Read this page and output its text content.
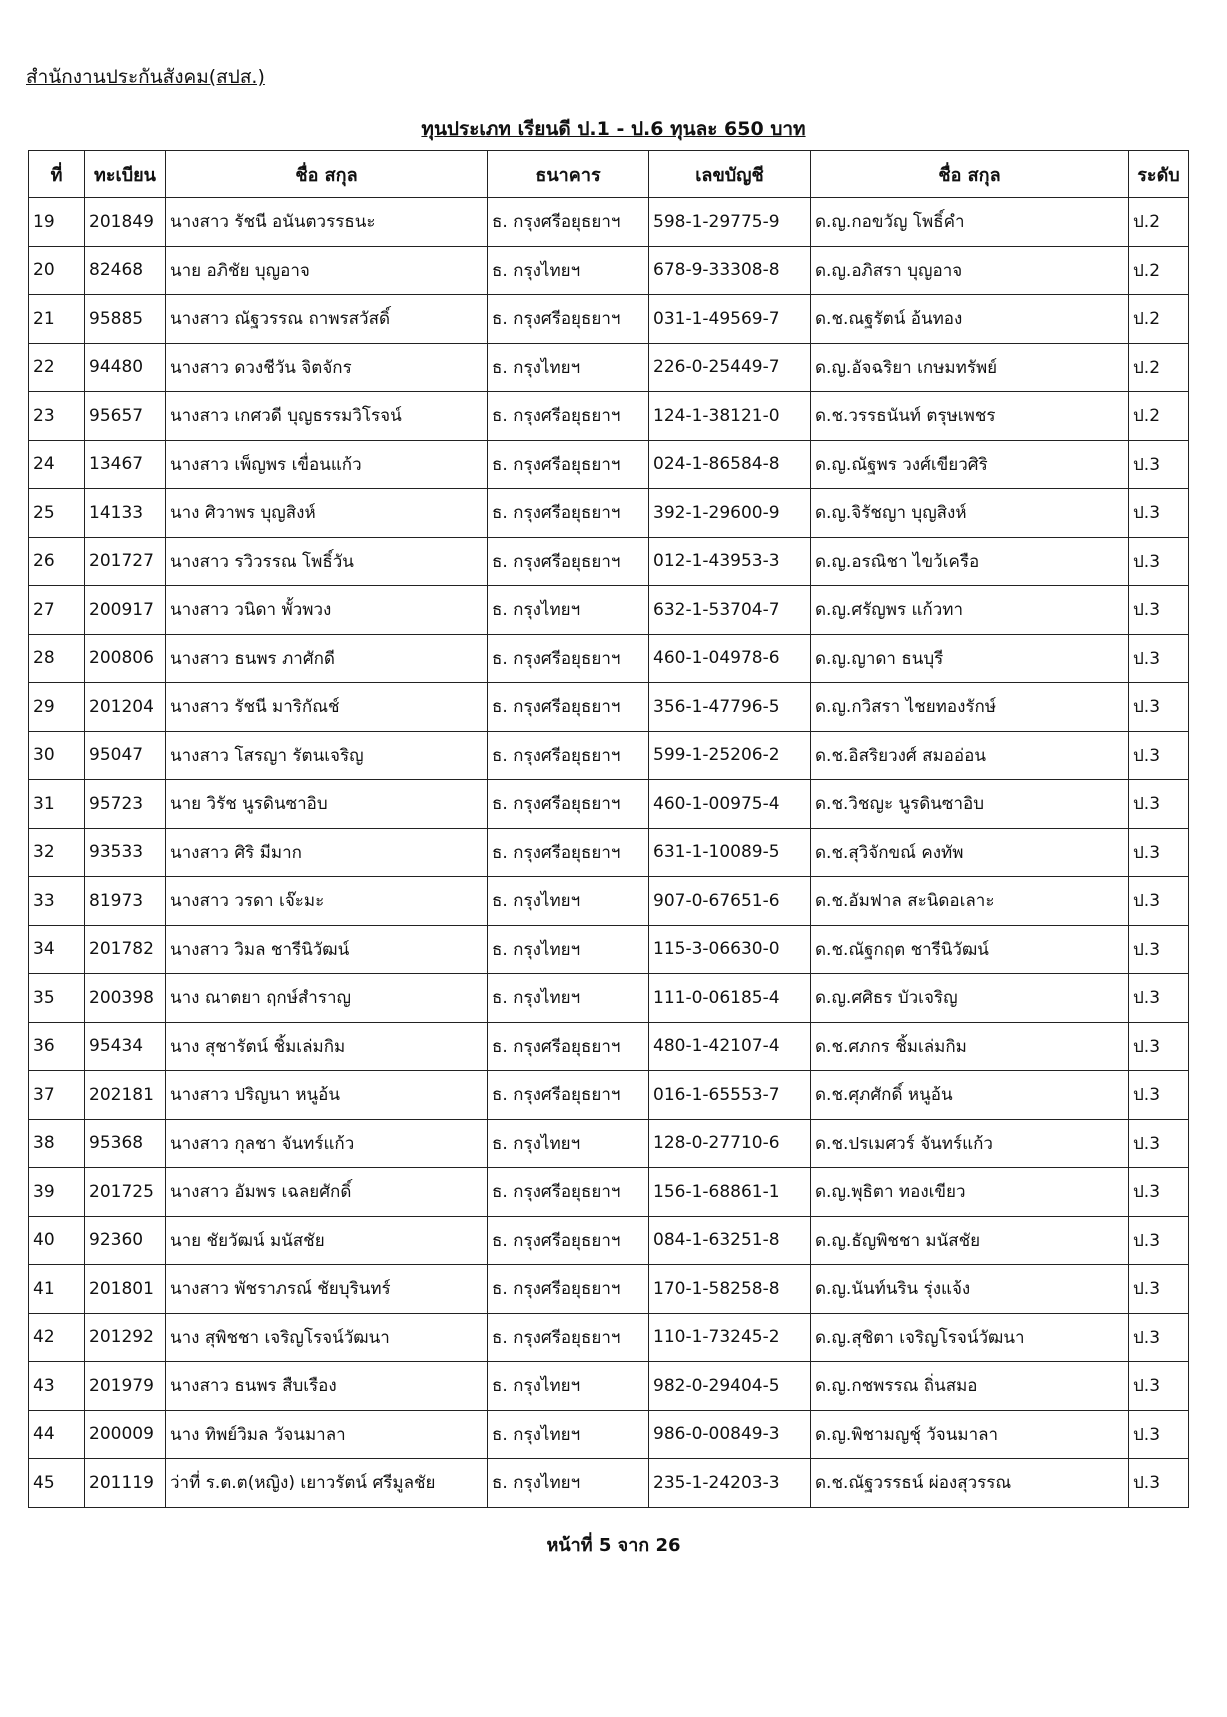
สำนักงานประกันสังคม(สปส.)
ทุนประเภท เรียนดี ป.1 - ป.6 ทุนละ 650 บาท
ที่	ทะเบียน	ชื่อ สกุล	ธนาคาร	เลขบัญชี	ชื่อ สกุล	ระดับ
19	201849	นางสาว รัชนี อนันตวรรธนะ	ธ. กรุงศรีอยุธยาฯ	598-1-29775-9	ด.ญ.กอขวัญ โพธิ์คำ	ป.2
20	82468	นาย อภิชัย บุญอาจ	ธ. กรุงไทยฯ	678-9-33308-8	ด.ญ.อภิสรา บุญอาจ	ป.2
21	95885	นางสาว ณัฐวรรณ ถาพรสวัสดิ์	ธ. กรุงศรีอยุธยาฯ	031-1-49569-7	ด.ช.ณฐรัตน์ อ้นทอง	ป.2
22	94480	นางสาว ดวงชีวัน จิตจักร	ธ. กรุงไทยฯ	226-0-25449-7	ด.ญ.อัจฉริยา เกษมทรัพย์	ป.2
23	95657	นางสาว เกศวดี บุญธรรมวิโรจน์	ธ. กรุงศรีอยุธยาฯ	124-1-38121-0	ด.ช.วรรธนันท์ ตรุษเพชร	ป.2
24	13467	นางสาว เพ็ญพร เขื่อนแก้ว	ธ. กรุงศรีอยุธยาฯ	024-1-86584-8	ด.ญ.ณัฐพร วงศ์เขียวศิริ	ป.3
25	14133	นาง ศิวาพร บุญสิงห์	ธ. กรุงศรีอยุธยาฯ	392-1-29600-9	ด.ญ.จิรัชญา บุญสิงห์	ป.3
26	201727	นางสาว รวิวรรณ โพธิ์วัน	ธ. กรุงศรีอยุธยาฯ	012-1-43953-3	ด.ญ.อรณิชา ไขว้เครือ	ป.3
27	200917	นางสาว วนิดา พั้วพวง	ธ. กรุงไทยฯ	632-1-53704-7	ด.ญ.ศรัญพร แก้วทา	ป.3
28	200806	นางสาว ธนพร ภาศักดี	ธ. กรุงศรีอยุธยาฯ	460-1-04978-6	ด.ญ.ญาดา ธนบุรี	ป.3
29	201204	นางสาว รัชนี มาริกัณช์	ธ. กรุงศรีอยุธยาฯ	356-1-47796-5	ด.ญ.กวิสรา ไชยทองรักษ์	ป.3
30	95047	นางสาว โสรญา รัตนเจริญ	ธ. กรุงศรีอยุธยาฯ	599-1-25206-2	ด.ช.อิสริยวงศ์ สมออ่อน	ป.3
31	95723	นาย วิรัช นูรดินซาอิบ	ธ. กรุงศรีอยุธยาฯ	460-1-00975-4	ด.ช.วิชญะ นูรดินซาอิบ	ป.3
32	93533	นางสาว ศิริ มีมาก	ธ. กรุงศรีอยุธยาฯ	631-1-10089-5	ด.ช.สุวิจักขณ์ คงทัพ	ป.3
33	81973	นางสาว วรดา เจ๊ะมะ	ธ. กรุงไทยฯ	907-0-67651-6	ด.ช.อัมฟาล สะนิดอเลาะ	ป.3
34	201782	นางสาว วิมล ชารีนิวัฒน์	ธ. กรุงไทยฯ	115-3-06630-0	ด.ช.ณัฐกฤต ชารีนิวัฒน์	ป.3
35	200398	นาง ณาตยา ฤกษ์สำราญ	ธ. กรุงไทยฯ	111-0-06185-4	ด.ญ.ศศิธร บัวเจริญ	ป.3
36	95434	นาง สุชารัตน์ ชิ้มเล่มกิม	ธ. กรุงศรีอยุธยาฯ	480-1-42107-4	ด.ช.ศภกร ชิ้มเล่มกิม	ป.3
37	202181	นางสาว ปริญนา หนูอ้น	ธ. กรุงศรีอยุธยาฯ	016-1-65553-7	ด.ช.ศุภศักดิ์ หนูอ้น	ป.3
38	95368	นางสาว กุลชา จันทร์แก้ว	ธ. กรุงไทยฯ	128-0-27710-6	ด.ช.ปรเมศวร์ จันทร์แก้ว	ป.3
39	201725	นางสาว อัมพร เฉลยศักดิ์	ธ. กรุงศรีอยุธยาฯ	156-1-68861-1	ด.ญ.พุธิตา ทองเขียว	ป.3
40	92360	นาย ชัยวัฒน์ มนัสชัย	ธ. กรุงศรีอยุธยาฯ	084-1-63251-8	ด.ญ.ธัญพิชชา มนัสชัย	ป.3
41	201801	นางสาว พัชราภรณ์ ชัยบุรินทร์	ธ. กรุงศรีอยุธยาฯ	170-1-58258-8	ด.ญ.นันท์นริน รุ่งแจ้ง	ป.3
42	201292	นาง สุพิชชา เจริญโรจน์วัฒนา	ธ. กรุงศรีอยุธยาฯ	110-1-73245-2	ด.ญ.สุชิตา เจริญโรจน์วัฒนา	ป.3
43	201979	นางสาว ธนพร สืบเรือง	ธ. กรุงไทยฯ	982-0-29404-5	ด.ญ.กชพรรณ ถิ่นสมอ	ป.3
44	200009	นาง ทิพย์วิมล วัจนมาลา	ธ. กรุงไทยฯ	986-0-00849-3	ด.ญ.พิชามญชุ์ วัจนมาลา	ป.3
45	201119	ว่าที่ ร.ต.ต(หญิง) เยาวรัตน์ ศรีมูลชัย	ธ. กรุงไทยฯ	235-1-24203-3	ด.ช.ณัฐวรรธน์ ผ่องสุวรรณ	ป.3
หน้าที่ 5 จาก 26
